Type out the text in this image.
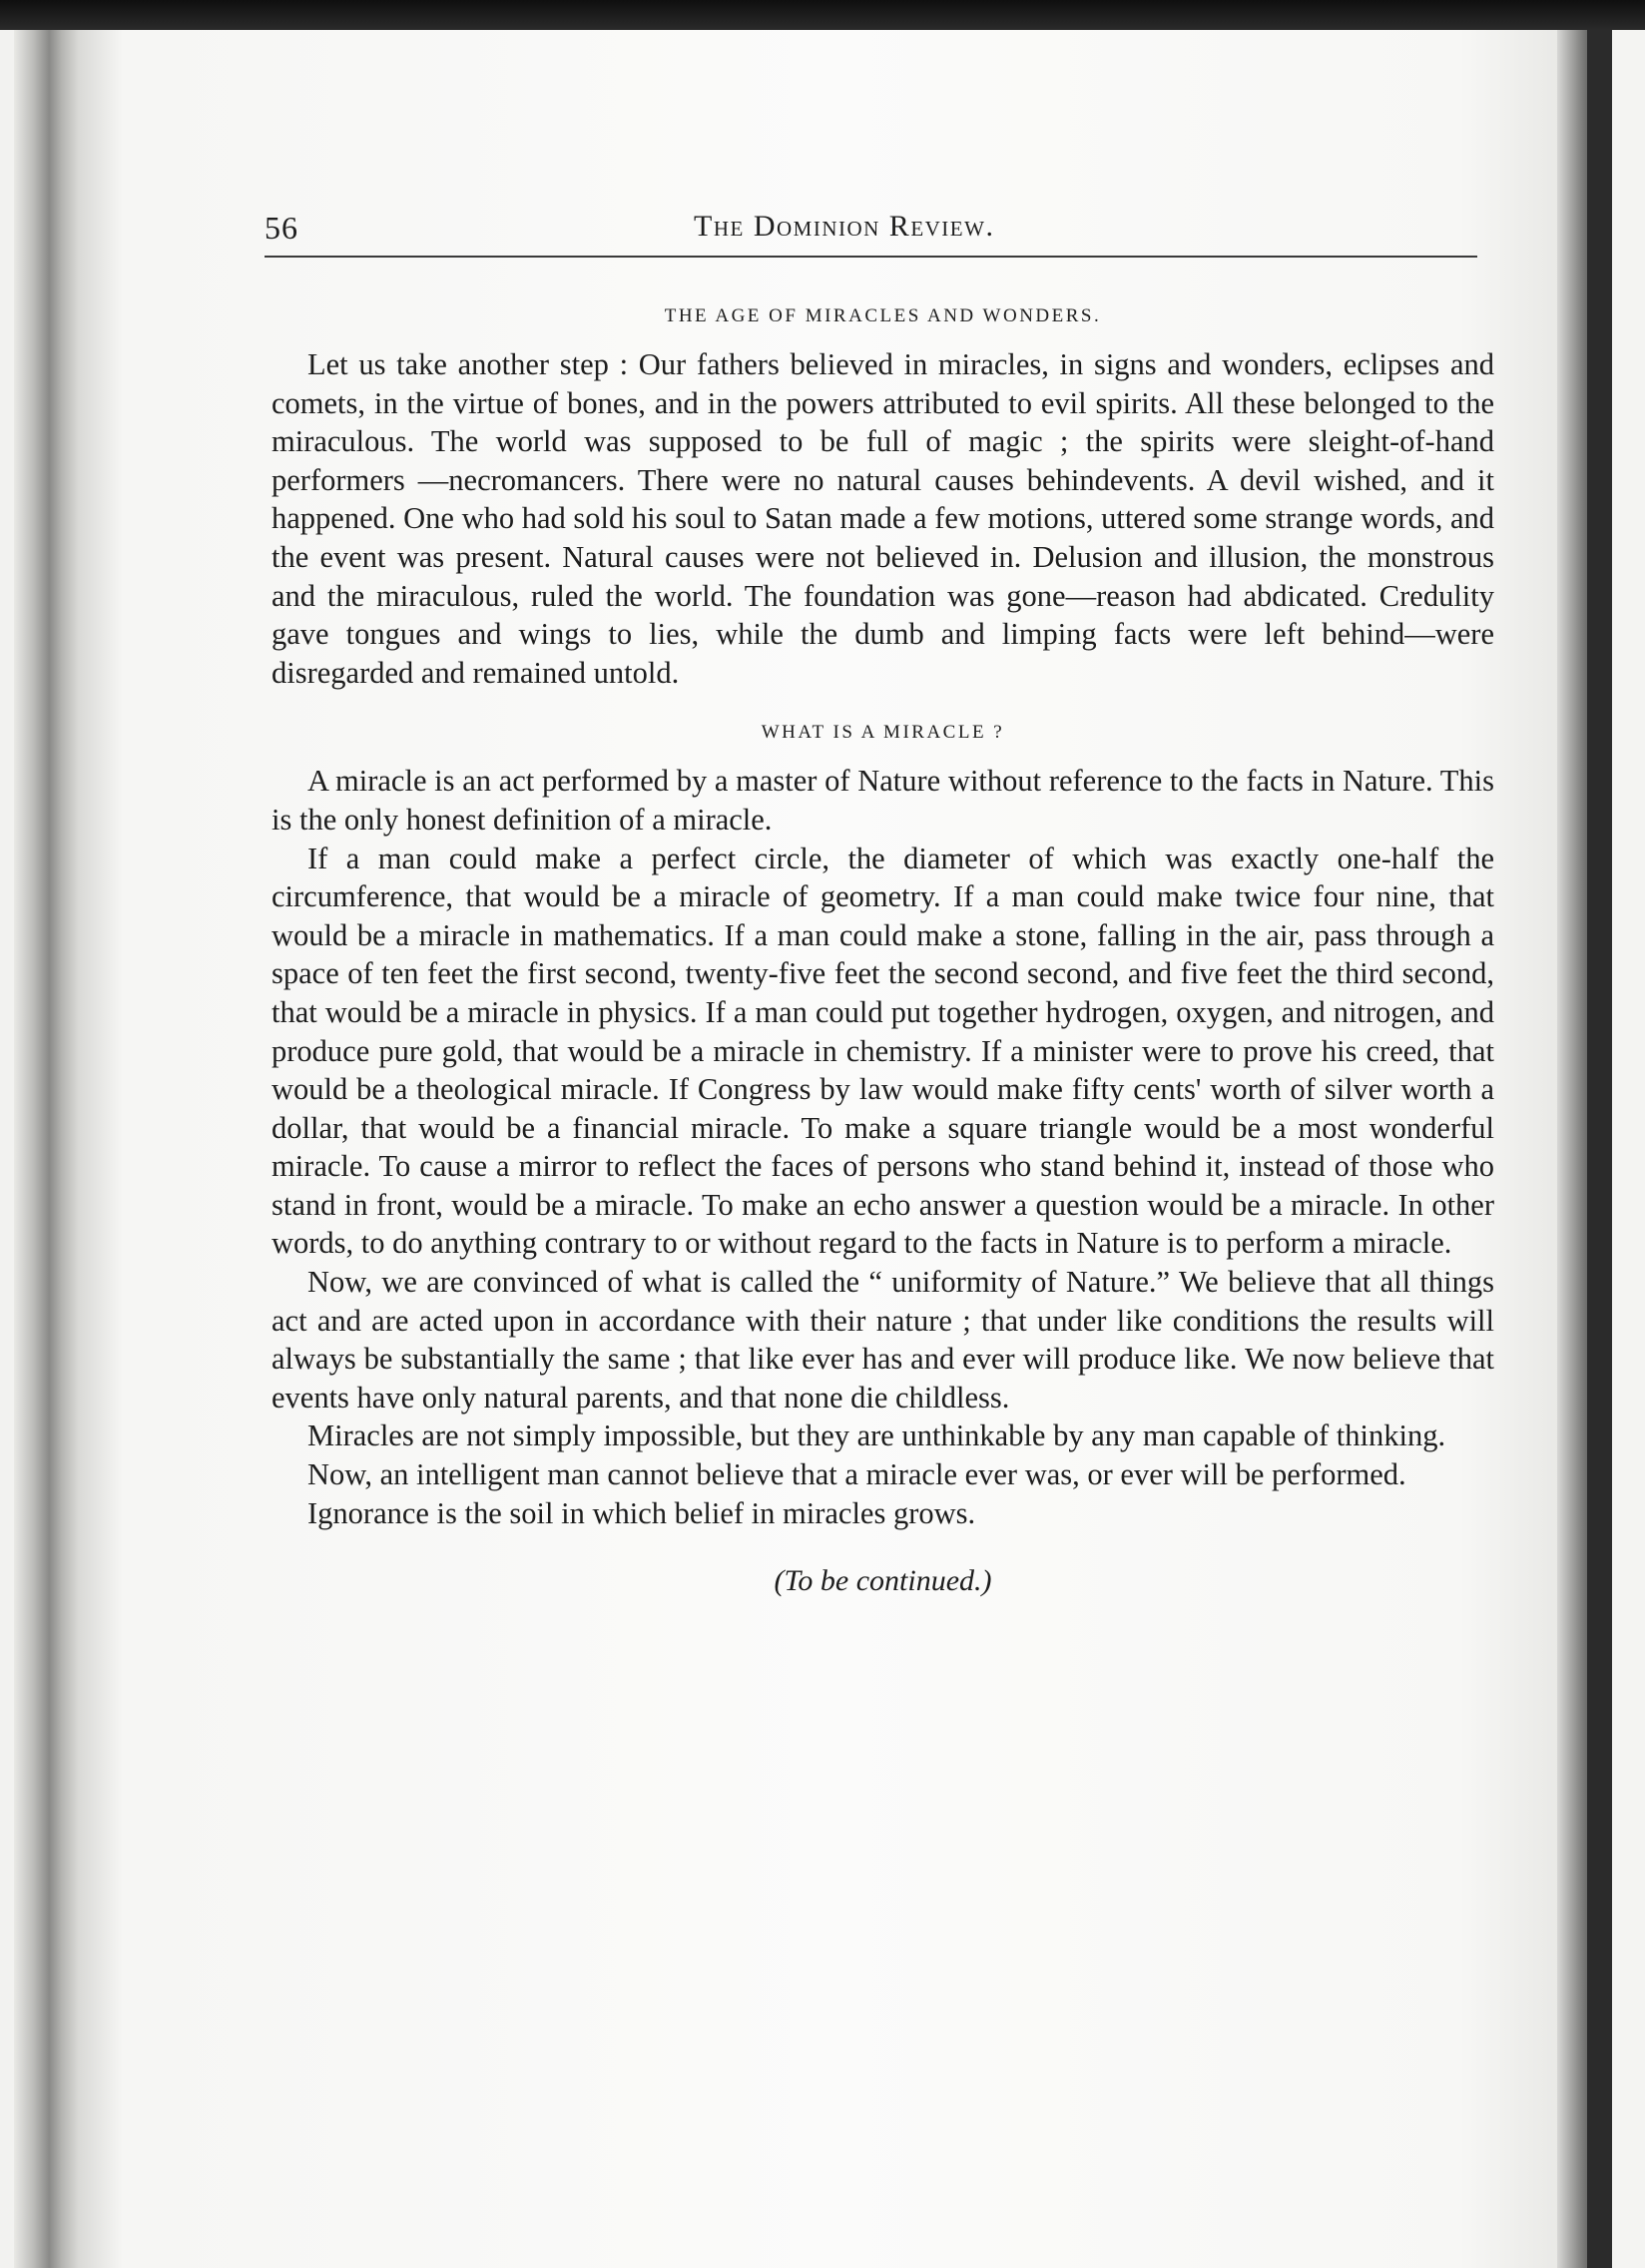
56	The Dominion Review.
THE AGE OF MIRACLES AND WONDERS.

Let us take another step : Our fathers believed in miracles, in signs and wonders, eclipses and comets, in the virtue of bones, and in the powers attributed to evil spirits. All these belonged to the miraculous. The world was supposed to be full of magic ; the spirits were sleight-of-hand performers —necromancers. There were no natural causes behindevents. A devil wished, and it happened. One who had sold his soul to Satan made a few motions, uttered some strange words, and the event was present. Natural causes were not believed in. Delusion and illusion, the monstrous and the miraculous, ruled the world. The foundation was gone—reason had abdicated. Credulity gave tongues and wings to lies, while the dumb and limping facts were left behind—were disregarded and remained untold.

WHAT IS A MIRACLE ?

A miracle is an act performed by a master of Nature without reference to the facts in Nature. This is the only honest definition of a miracle.

If a man could make a perfect circle, the diameter of which was exactly one-half the circumference, that would be a miracle of geometry. If a man could make twice four nine, that would be a miracle in mathematics. If a man could make a stone, falling in the air, pass through a space of ten feet the first second, twenty-five feet the second second, and five feet the third second, that would be a miracle in physics. If a man could put together hydrogen, oxygen, and nitrogen, and produce pure gold, that would be a miracle in chemistry. If a minister were to prove his creed, that would be a theological miracle. If Congress by law would make fifty cents' worth of silver worth a dollar, that would be a financial miracle. To make a square triangle would be a most wonderful miracle. To cause a mirror to reflect the faces of persons who stand behind it, instead of those who stand in front, would be a miracle. To make an echo answer a question would be a miracle. In other words, to do anything contrary to or without regard to the facts in Nature is to perform a miracle.

Now, we are convinced of what is called the “ uniformity of Nature.” We believe that all things act and are acted upon in accordance with their nature ; that under like conditions the results will always be substantially the same ; that like ever has and ever will produce like. We now believe that events have only natural parents, and that none die childless.

Miracles are not simply impossible, but they are unthinkable by any man capable of thinking.

Now, an intelligent man cannot believe that a miracle ever was, or ever will be performed.

Ignorance is the soil in which belief in miracles grows.

(To be continued.)
